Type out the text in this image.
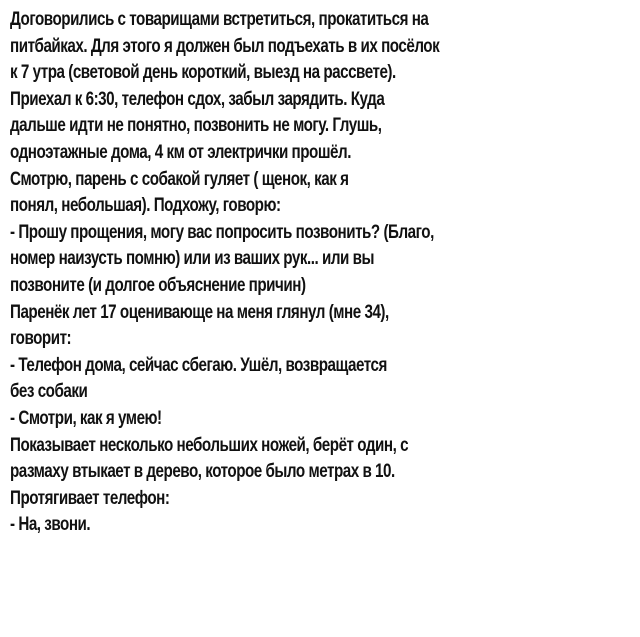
Договорились с товарищами встретиться, прокатиться на
питбайках. Для этого я должен был подъехать в их посёлок
к 7 утра (световой день короткий, выезд на рассвете).
Приехал к 6:30, телефон сдох, забыл зарядить. Куда
дальше идти не понятно, позвонить не могу. Глушь,
одноэтажные дома, 4 км от электрички прошёл.
Смотрю, парень с собакой гуляет ( щенок, как я
понял, небольшая). Подхожу, говорю:
- Прошу прощения, могу вас попросить позвонить? (Благо,
номер наизусть помню) или из ваших рук... или вы
позвоните (и долгое объяснение причин)
Паренёк лет 17 оценивающе на меня глянул (мне 34),
говорит:
- Телефон дома, сейчас сбегаю. Ушёл, возвращается
без собаки
- Смотри, как я умею!
Показывает несколько небольших ножей, берёт один, с
размаху втыкает в дерево, которое было метрах в 10.
Протягивает телефон:
- На, звони.
